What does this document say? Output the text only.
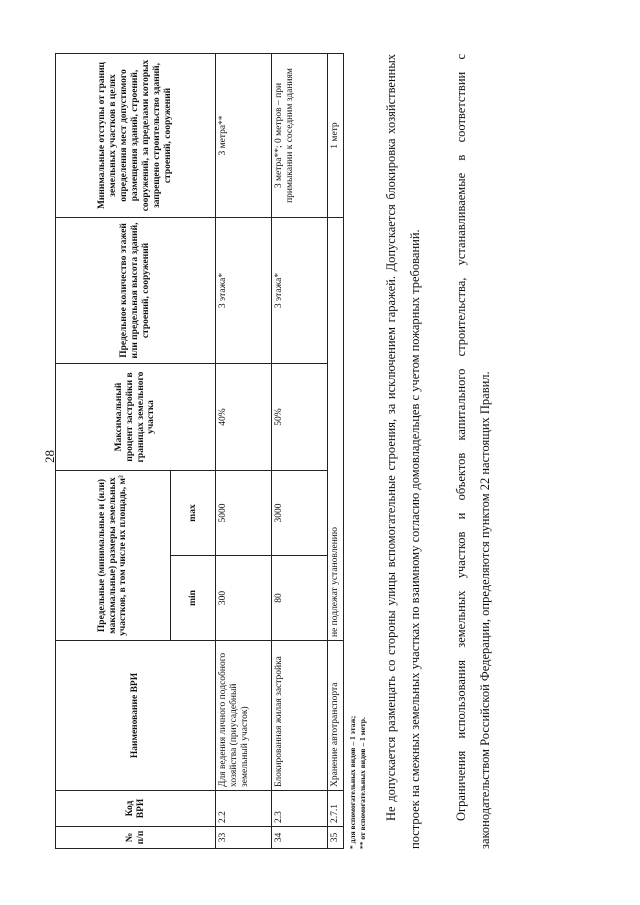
28
№ п/п	Код ВРИ	Наименование ВРИ	Предельные (минимальные и (или) максимальные) размеры земельных участков, в том числе их площадь, м²		Максимальный процент застройки в границах земельного участка	Предельное количество этажей или предельная высота зданий, строений, сооружений	Минимальные отступы от границ земельных участков в целях определения мест допустимого размещения зданий, строений, сооружений, за пределами которых запрещено строительство зданий, строений, сооружений
			min	max			
33	2.2	Для ведения личного подсобного хозяйства (приусадебный земельный участок)	300	5000	40%	3 этажа*	3 метра**
34	2.3	Блокированная жилая застройка	80	3000	50%	3 этажа*	3 метра**; 0 метров – при примыкании к соседним зданиям
35	2.7.1	Хранение автотранспорта	не подлежат установлению				1 метр
* для вспомогательных видов – 1 этаж; ** от вспомогательных видов – 1 метр.	Не допускается размещать со стороны улицы вспомогательные строения, за исключением гаражей. Допускается блокировка хозяйственных построек на смежных земельных участках по взаимному согласию домовладельцев с учетом пожарных требований.	Ограничения использования земельных участков и объектов капитального строительства, устанавливаемые в соответствии с законодательством Российской Федерации, определяются пунктом 22 настоящих Правил.
